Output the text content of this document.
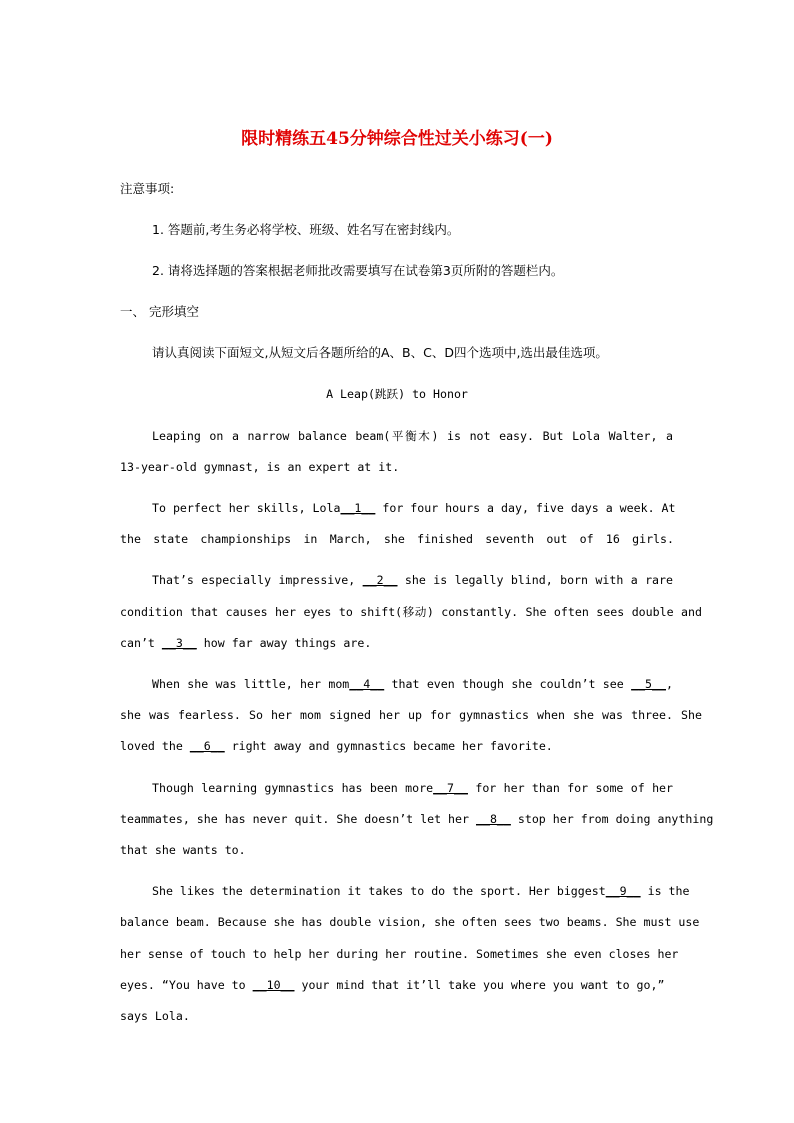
限时精练五45分钟综合性过关小练习(一)
注意事项:
1. 答题前,考生务必将学校、班级、姓名写在密封线内。
2. 请将选择题的答案根据老师批改需要填写在试卷第3页所附的答题栏内。
一、 完形填空
请认真阅读下面短文,从短文后各题所给的A、B、C、D四个选项中,选出最佳选项。
A Leap(跳跃) to Honor
Leaping on a narrow balance beam(平衡木) is not easy. But Lola Walter, a
13-year-old gymnast, is an expert at it.
To perfect her skills, Lola__1__ for four hours a day, five days a week. At
the state championships in March, she finished seventh out of 16 girls.
That’s especially impressive, __2__ she is legally blind, born with a rare
condition that causes her eyes to shift(移动) constantly. She often sees double and
can’t __3__ how far away things are.
When she was little, her mom__4__ that even though she couldn’t see __5__,
she was fearless. So her mom signed her up for gymnastics when she was three. She
loved the __6__ right away and gymnastics became her favorite.
Though learning gymnastics has been more__7__ for her than for some of her
teammates, she has never quit. She doesn’t let her __8__ stop her from doing anything
that she wants to.
She likes the determination it takes to do the sport. Her biggest__9__ is the
balance beam. Because she has double vision, she often sees two beams. She must use
her sense of touch to help her during her routine. Sometimes she even closes her
eyes. “You have to __10__ your mind that it’ll take you where you want to go,”
says Lola.
